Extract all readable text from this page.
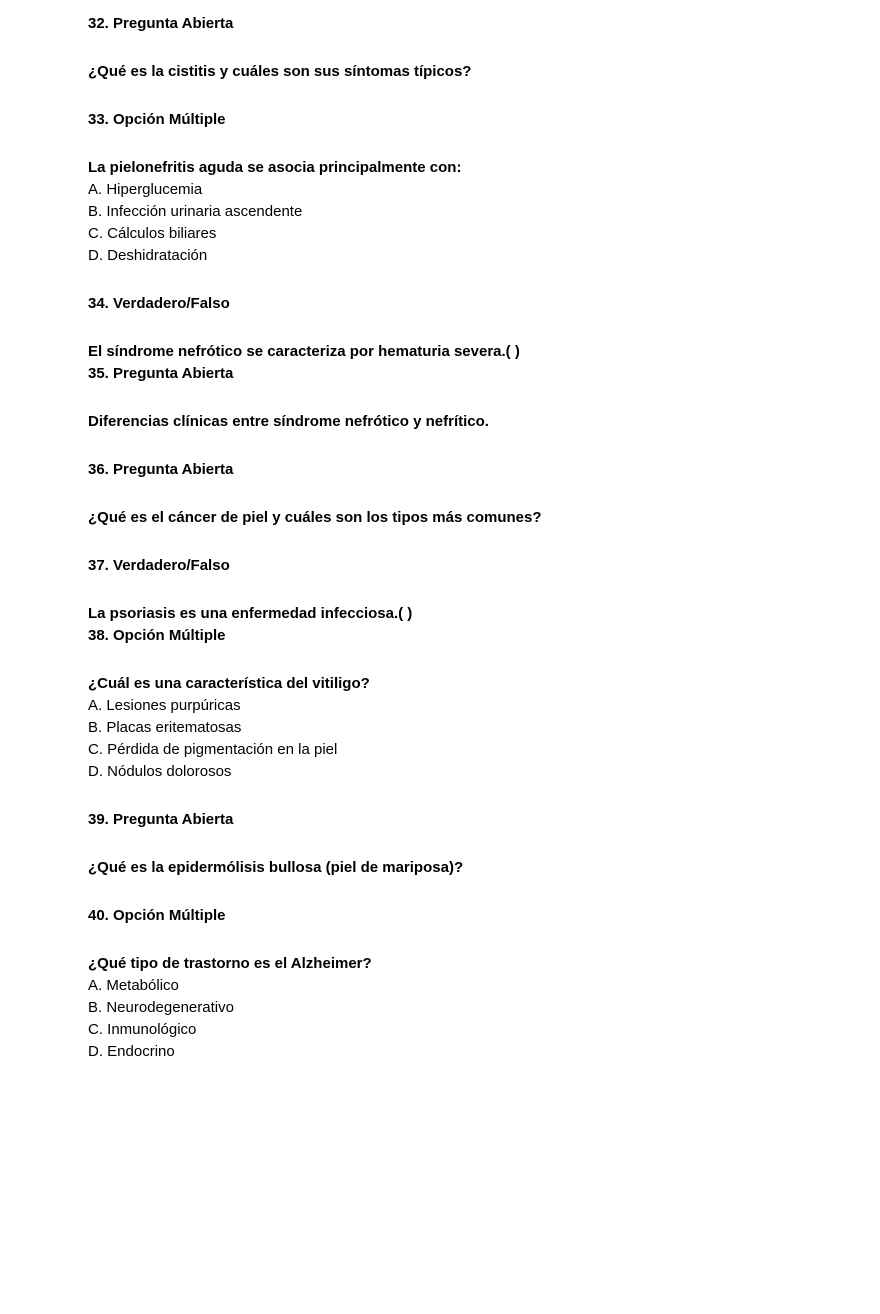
32. Pregunta Abierta
¿Qué es la cistitis y cuáles son sus síntomas típicos?
33. Opción Múltiple
La pielonefritis aguda se asocia principalmente con:
A. Hiperglucemia
B. Infección urinaria ascendente
C. Cálculos biliares
D. Deshidratación
34. Verdadero/Falso
El síndrome nefrótico se caracteriza por hematuria severa.( )
35. Pregunta Abierta
Diferencias clínicas entre síndrome nefrótico y nefrítico.
36. Pregunta Abierta
¿Qué es el cáncer de piel y cuáles son los tipos más comunes?
37. Verdadero/Falso
La psoriasis es una enfermedad infecciosa.( )
38. Opción Múltiple
¿Cuál es una característica del vitiligo?
A. Lesiones purpúricas
B. Placas eritematosas
C. Pérdida de pigmentación en la piel
D. Nódulos dolorosos
39. Pregunta Abierta
¿Qué es la epidermólisis bullosa (piel de mariposa)?
40. Opción Múltiple
¿Qué tipo de trastorno es el Alzheimer?
A. Metabólico
B. Neurodegenerativo
C. Inmunológico
D. Endocrino
